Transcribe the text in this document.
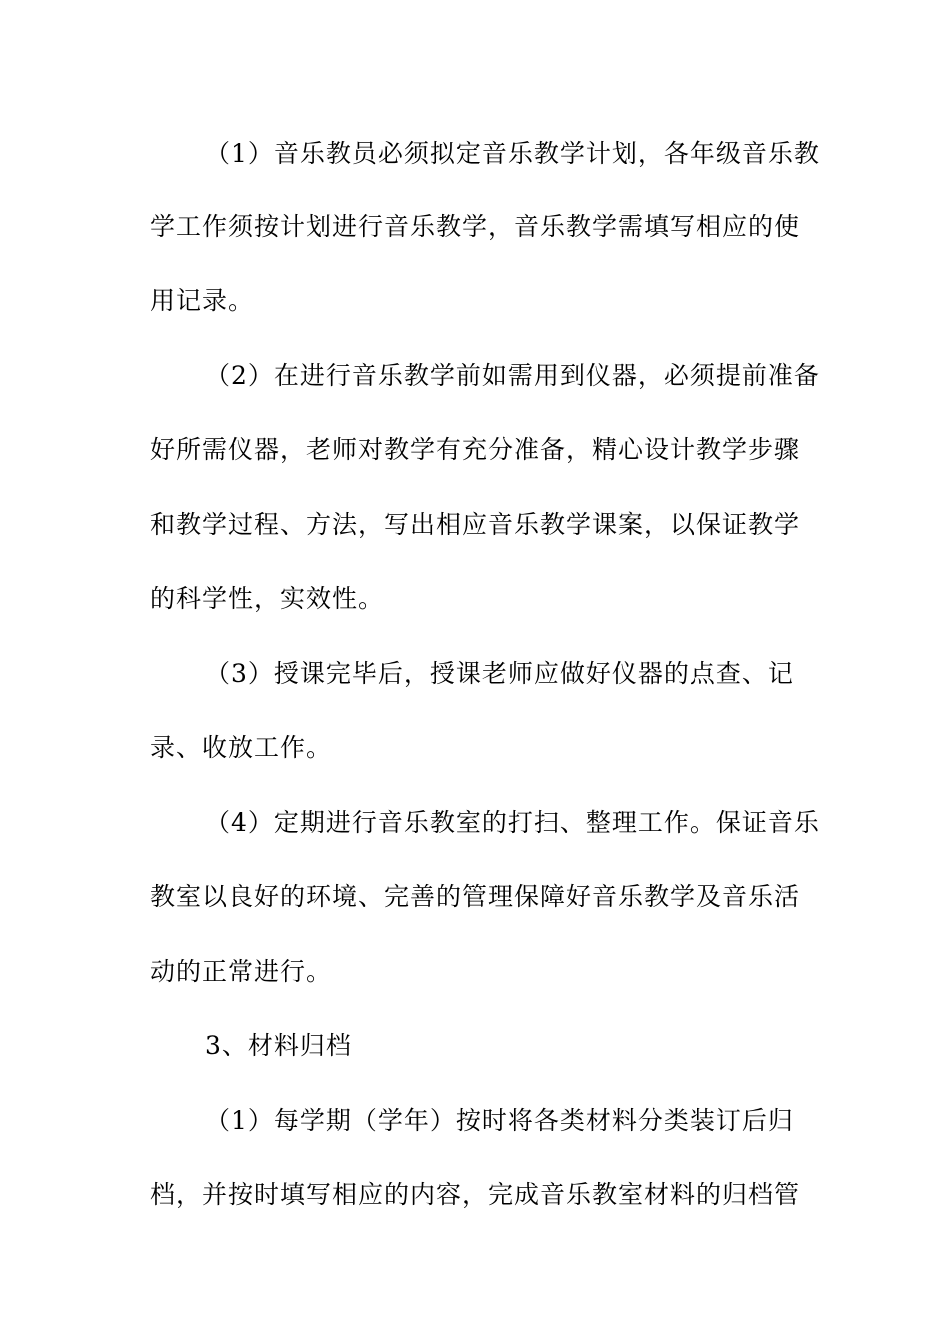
（1）音乐教员必须拟定音乐教学计划，各年级音乐教
学工作须按计划进行音乐教学，音乐教学需填写相应的使
用记录。
（2）在进行音乐教学前如需用到仪器，必须提前准备
好所需仪器，老师对教学有充分准备，精心设计教学步骤
和教学过程、方法，写出相应音乐教学课案，以保证教学
的科学性，实效性。
（3）授课完毕后，授课老师应做好仪器的点查、记
录、收放工作。
（4）定期进行音乐教室的打扫、整理工作。保证音乐
教室以良好的环境、完善的管理保障好音乐教学及音乐活
动的正常进行。
3、材料归档
（1）每学期（学年）按时将各类材料分类装订后归
档，并按时填写相应的内容，完成音乐教室材料的归档管
